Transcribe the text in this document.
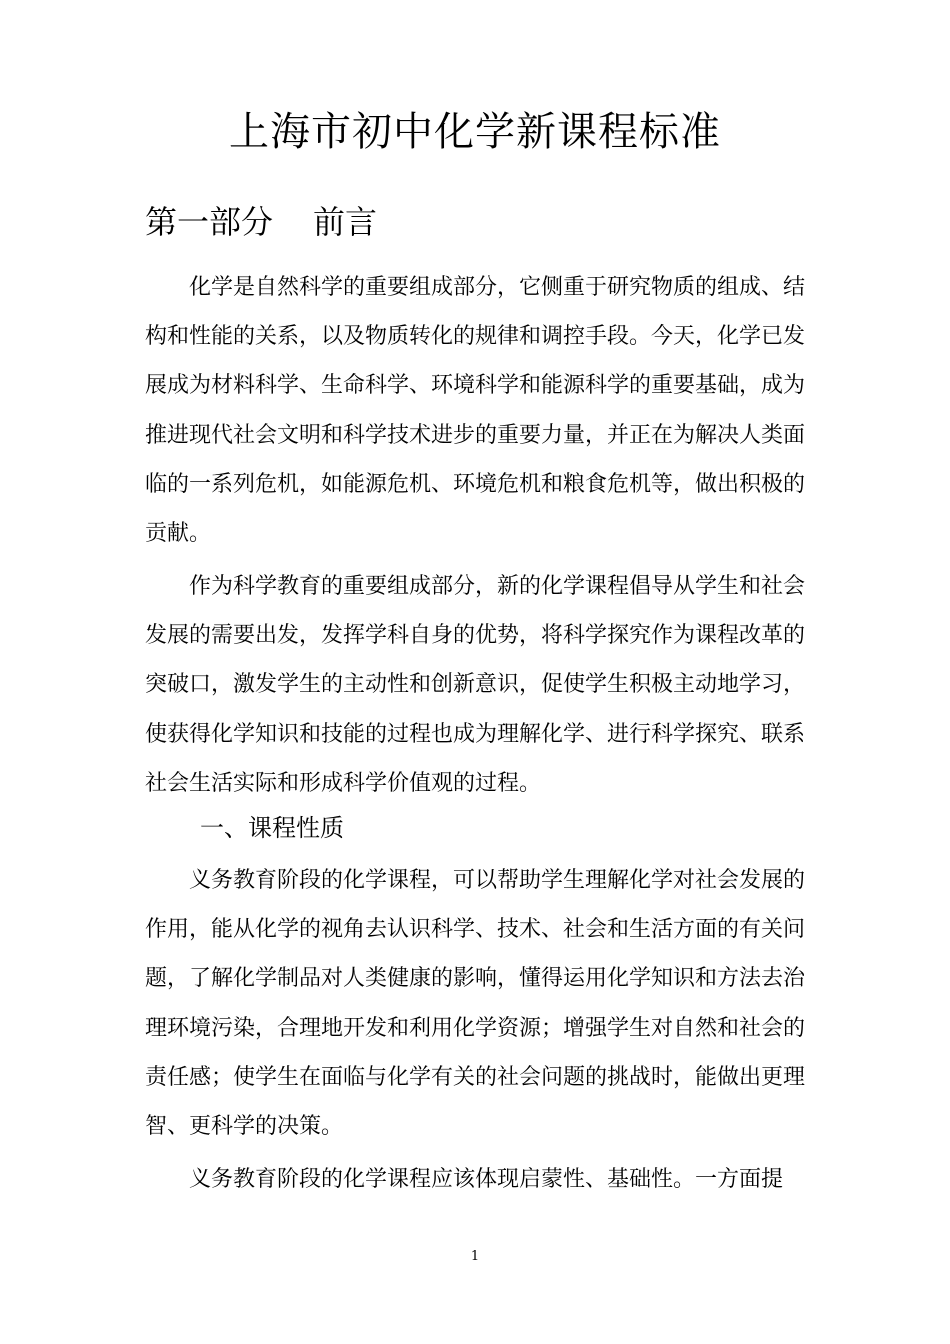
上海市初中化学新课程标准
第一部分 前言

化学是自然科学的重要组成部分，它侧重于研究物质的组成、结构和性能的关系，以及物质转化的规律和调控手段。今天，化学已发展成为材料科学、生命科学、环境科学和能源科学的重要基础，成为推进现代社会文明和科学技术进步的重要力量，并正在为解决人类面临的一系列危机，如能源危机、环境危机和粮食危机等，做出积极的贡献。

作为科学教育的重要组成部分，新的化学课程倡导从学生和社会发展的需要出发，发挥学科自身的优势，将科学探究作为课程改革的突破口，激发学生的主动性和创新意识，促使学生积极主动地学习，使获得化学知识和技能的过程也成为理解化学、进行科学探究、联系社会生活实际和形成科学价值观的过程。

一、课程性质

义务教育阶段的化学课程，可以帮助学生理解化学对社会发展的作用，能从化学的视角去认识科学、技术、社会和生活方面的有关问题，了解化学制品对人类健康的影响，懂得运用化学知识和方法去治理环境污染，合理地开发和利用化学资源；增强学生对自然和社会的责任感；使学生在面临与化学有关的社会问题的挑战时，能做出更理智、更科学的决策。

义务教育阶段的化学课程应该体现启蒙性、基础性。一方面提

1
